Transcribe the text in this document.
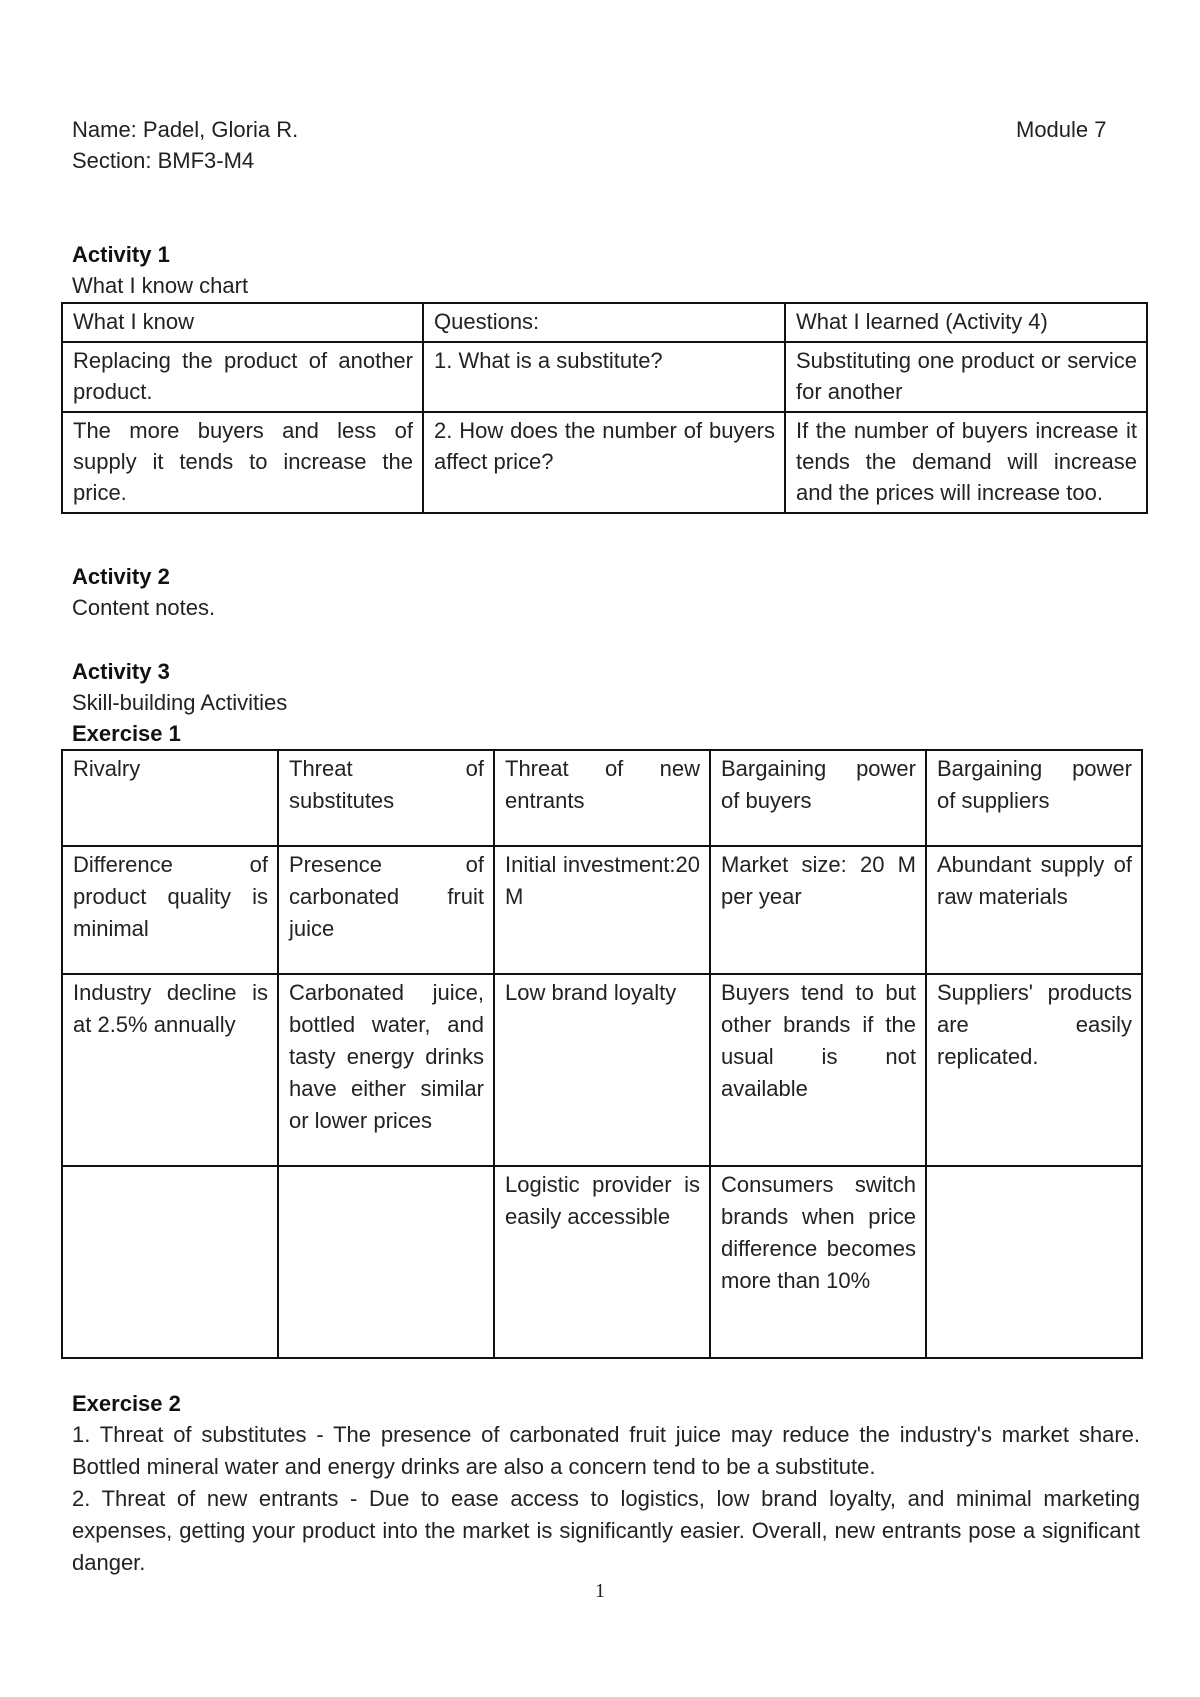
Name: Padel, Gloria R.	Module 7
Section: BMF3-M4
Activity 1
What I know chart
What I know	Questions:	What I learned (Activity 4)
Replacing the product of another product.	1. What is a substitute?	Substituting one product or service for another
The more buyers and less of supply it tends to increase the price.	2. How does the number of buyers affect price?	If the number of buyers increase it tends the demand will increase and the prices will increase too.
Activity 2
Content notes.
Activity 3
Skill-building Activities
Exercise 1
Rivalry	Threat of substitutes	Threat of new entrants	Bargaining power of buyers	Bargaining power of suppliers
Difference of product quality is minimal	Presence of carbonated fruit juice	Initial investment:20 M	Market size: 20 M per year	Abundant supply of raw materials
Industry decline is at 2.5% annually	Carbonated juice, bottled water, and tasty energy drinks have either similar or lower prices	Low brand loyalty	Buyers tend to but other brands if the usual is not available	Suppliers' products are easily replicated.
		Logistic provider is easily accessible	Consumers switch brands when price difference becomes more than 10%	
Exercise 2

1. Threat of substitutes - The presence of carbonated fruit juice may reduce the industry's market share. Bottled mineral water and energy drinks are also a concern tend to be a substitute.

2. Threat of new entrants - Due to ease access to logistics, low brand loyalty, and minimal marketing expenses, getting your product into the market is significantly easier. Overall, new entrants pose a significant danger.

1
